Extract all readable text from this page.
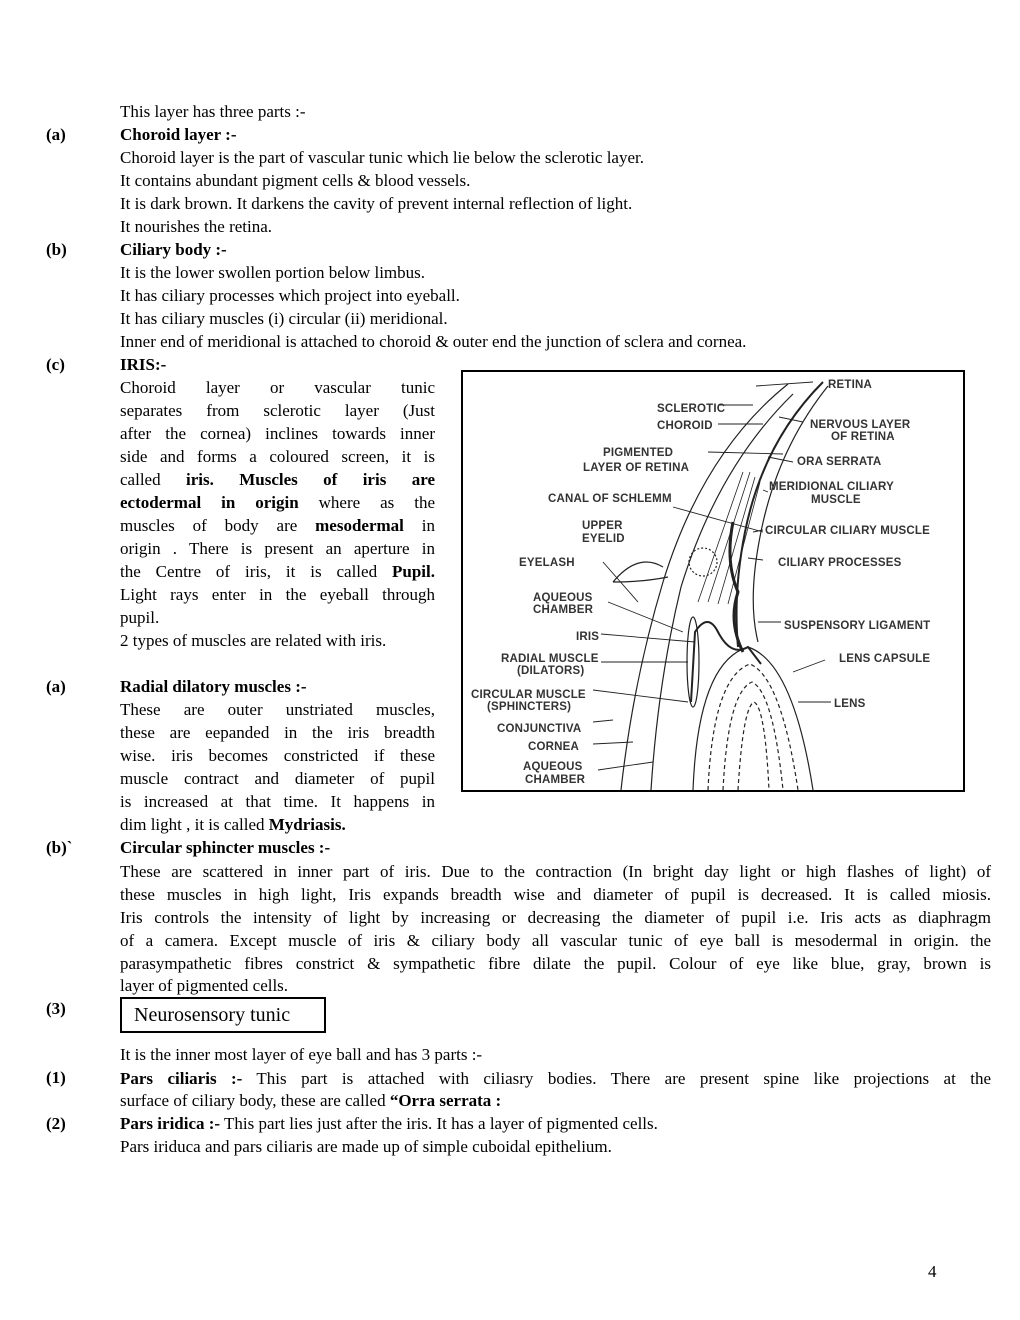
This layer has three parts :-
(a)	Choroid layer :-
Choroid layer is the part of vascular tunic which lie below the sclerotic layer.
It contains abundant pigment cells & blood vessels.
It is dark brown. It darkens the cavity of prevent internal reflection of light.
It nourishes the retina.
(b)	Ciliary body :-
It is the lower swollen portion below limbus.
It has ciliary processes which project into eyeball.
It has ciliary muscles (i) circular (ii) meridional.
Inner end of meridional is attached to choroid & outer end the junction of sclera and cornea.
(c)	IRIS:-
Choroid layer or vascular tunic
separates from sclerotic layer (Just
after the cornea) inclines towards inner
side and forms a coloured screen, it is
called iris. Muscles of iris are
ectodermal in origin where as the
muscles of body are mesodermal in
origin . There is present an aperture in
the Centre of iris, it is called Pupil.
Light rays enter in the eyeball through
pupil.
2 types of muscles are related with iris.
(a)	Radial dilatory muscles :-
These are outer unstriated muscles,
these are eepanded in the iris breadth
wise. iris becomes constricted if these
muscle contract and diameter of pupil
is increased at that time. It happens in
dim light , it is called Mydriasis.
(b)`	Circular sphincter muscles :-
These are scattered in inner part of iris. Due to the contraction (In bright day light or high flashes of light) of
these muscles in high light, Iris expands breadth wise and diameter of pupil is decreased. It is called miosis.
Iris controls the intensity of light by increasing or decreasing the diameter of pupil i.e. Iris acts as diaphragm
of a camera. Except muscle of iris & ciliary body all vascular tunic of eye ball is mesodermal in origin. the
parasympathetic fibres constrict & sympathetic fibre dilate the pupil. Colour of eye like blue, gray, brown is
layer of pigmented cells.
(3)	Neurosensory tunic
It is the inner most layer of eye ball and has 3 parts :-
(1)	Pars ciliaris :- This part is attached with ciliasry bodies. There are present spine like projections at the
surface of ciliary body, these are called “Orra serrata :
(2)	Pars iridica :- This part lies just after the iris. It has a layer of pigmented cells.
Pars iriduca and pars ciliaris are made up of simple cuboidal epithelium.
RETINA
SCLEROTIC
CHOROID	NERVOUS LAYER
OF RETINA
PIGMENTED
LAYER OF RETINA	ORA SERRATA
CANAL OF SCHLEMM
MERIDIONAL CILIARY
MUSCLE
UPPER
EYELID
CIRCULAR CILIARY MUSCLE
EYELASH	CILIARY PROCESSES
AQUEOUS
CHAMBER
SUSPENSORY LIGAMENT
IRIS
RADIAL MUSCLE
(DILATORS)
LENS CAPSULE
CIRCULAR MUSCLE
(SPHINCTERS)	LENS
CONJUNCTIVA
CORNEA
AQUEOUS
CHAMBER
4
